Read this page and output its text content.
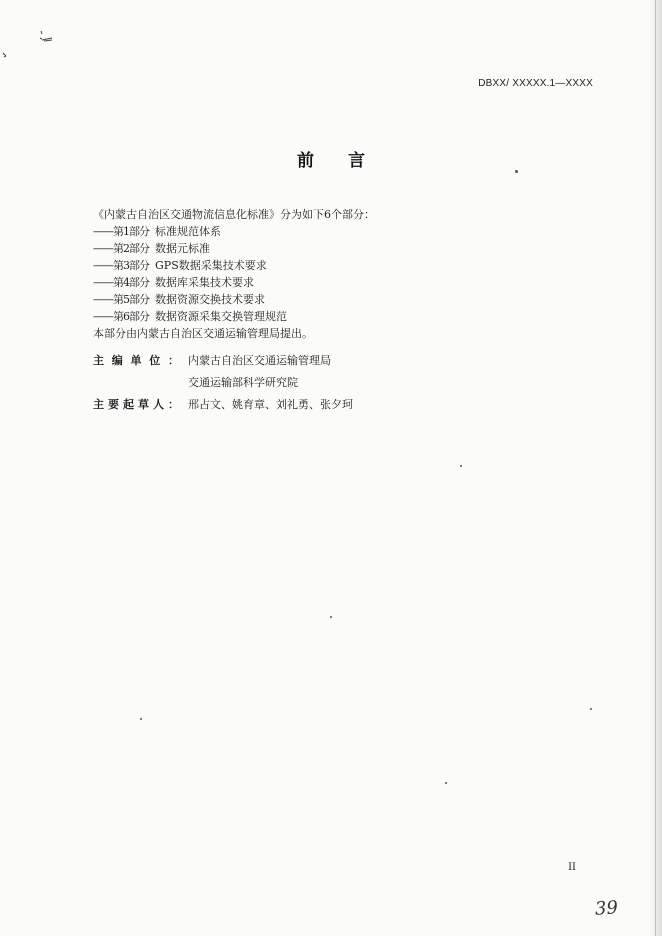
DBXX/ XXXXX.1—XXXX
前 言
《内蒙古自治区交通物流信息化标准》分为如下6个部分：
——第1部分 标准规范体系
——第2部分 数据元标准
——第3部分 GPS数据采集技术要求
——第4部分 数据库采集技术要求
——第5部分 数据资源交换技术要求
——第6部分 数据资源采集交换管理规范
本部分由内蒙古自治区交通运输管理局提出。
主编单位： 内蒙古自治区交通运输管理局
交通运输部科学研究院
主要起草人： 邢占文、姚育章、刘礼勇、张夕珂
II
39
